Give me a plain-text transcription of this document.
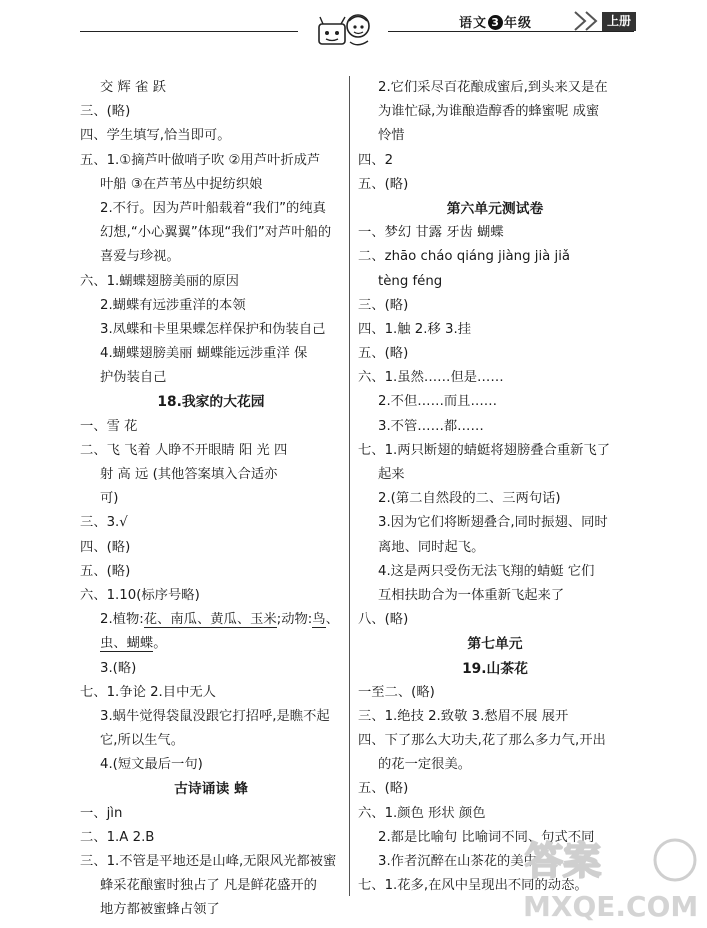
语文 3 年级	上册
交 辉 雀 跃
三、(略)
四、学生填写,恰当即可。
五、1.①摘芦叶做哨子吹 ②用芦叶折成芦
叶船 ③在芦苇丛中捉纺织娘
2.不行。因为芦叶船载着“我们”的纯真
幻想,“小心翼翼”体现“我们”对芦叶船的
喜爱与珍视。
六、1.蝴蝶翅膀美丽的原因
2.蝴蝶有远涉重洋的本领
3.凤蝶和卡里果蝶怎样保护和伪装自己
4.蝴蝶翅膀美丽 蝴蝶能远涉重洋 保
护伪装自己
18.我家的大花园
一、雪 花
二、飞 飞着 人睁不开眼睛 阳 光 四
射 高 远 (其他答案填入合适亦
可)
三、3.√
四、(略)
五、(略)
六、1.10(标序号略)
2.植物:花、南瓜、黄瓜、玉米;动物:鸟、
虫、蝴蝶。
3.(略)
七、1.争论 2.目中无人
3.蜗牛觉得袋鼠没跟它打招呼,是瞧不起
它,所以生气。
4.(短文最后一句)
古诗诵读 蜂
一、jìn
二、1.A 2.B
三、1.不管是平地还是山峰,无限风光都被蜜
蜂采花酿蜜时独占了 凡是鲜花盛开的
地方都被蜜蜂占领了
2.它们采尽百花酿成蜜后,到头来又是在
为谁忙碌,为谁酿造醇香的蜂蜜呢 成蜜
怜惜
四、2
五、(略)
第六单元测试卷
一、梦幻 甘露 牙齿 蝴蝶
二、zhāo cháo qiáng jiàng jià jiǎ
tèng féng
三、(略)
四、1.触 2.移 3.挂
五、(略)
六、1.虽然……但是……
2.不但……而且……
3.不管……都……
七、1.两只断翅的蜻蜓将翅膀叠合重新飞了
起来
2.(第二自然段的二、三两句话)
3.因为它们将断翅叠合,同时振翅、同时
离地、同时起飞。
4.这是两只受伤无法飞翔的蜻蜓 它们
互相扶助合为一体重新飞起来了
八、(略)
第七单元
19.山茶花
一至二、(略)
三、1.绝技 2.致敬 3.愁眉不展 展开
四、下了那么大功夫,花了那么多力气,开出
的花一定很美。
五、(略)
六、1.颜色 形状 颜色
2.都是比喻句 比喻词不同、句式不同
3.作者沉醉在山茶花的美中
七、1.花多,在风中呈现出不同的动态。
答案
MXQE.COM
